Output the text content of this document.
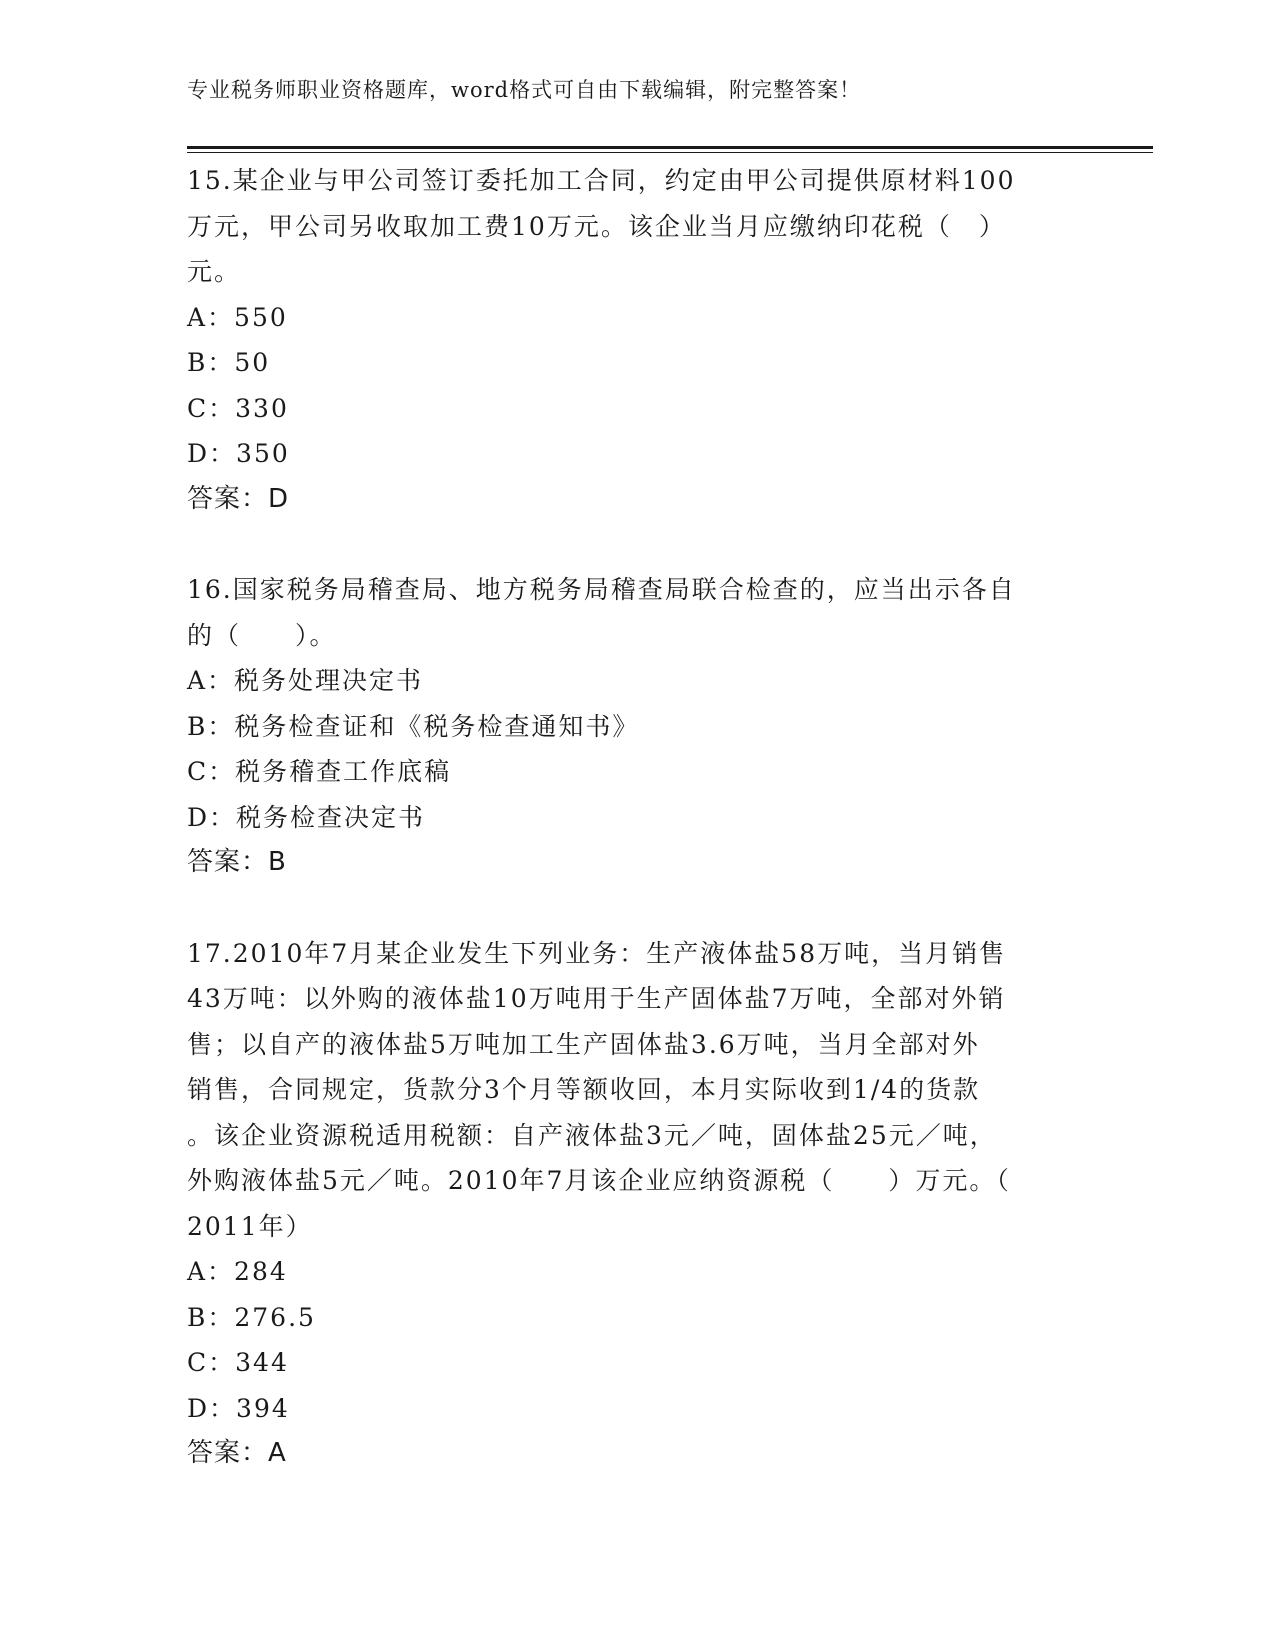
专业税务师职业资格题库，word格式可自由下载编辑，附完整答案！
15.某企业与甲公司签订委托加工合同，约定由甲公司提供原材料100
万元，甲公司另收取加工费10万元。该企业当月应缴纳印花税（　）
元。
A：550
B：50
C：330
D：350
答案：D
16.国家税务局稽查局、地方税务局稽查局联合检查的，应当出示各自
的（　　）。
A：税务处理决定书
B：税务检查证和《税务检查通知书》
C：税务稽查工作底稿
D：税务检查决定书
答案：B
17.2010年7月某企业发生下列业务：生产液体盐58万吨，当月销售
43万吨：以外购的液体盐10万吨用于生产固体盐7万吨，全部对外销
售；以自产的液体盐5万吨加工生产固体盐3.6万吨，当月全部对外
销售，合同规定，货款分3个月等额收回，本月实际收到1/4的货款
。该企业资源税适用税额：自产液体盐3元／吨，固体盐25元／吨，
外购液体盐5元／吨。2010年7月该企业应纳资源税（　　）万元。（
2011年）
A：284
B：276.5
C：344
D：394
答案：A
